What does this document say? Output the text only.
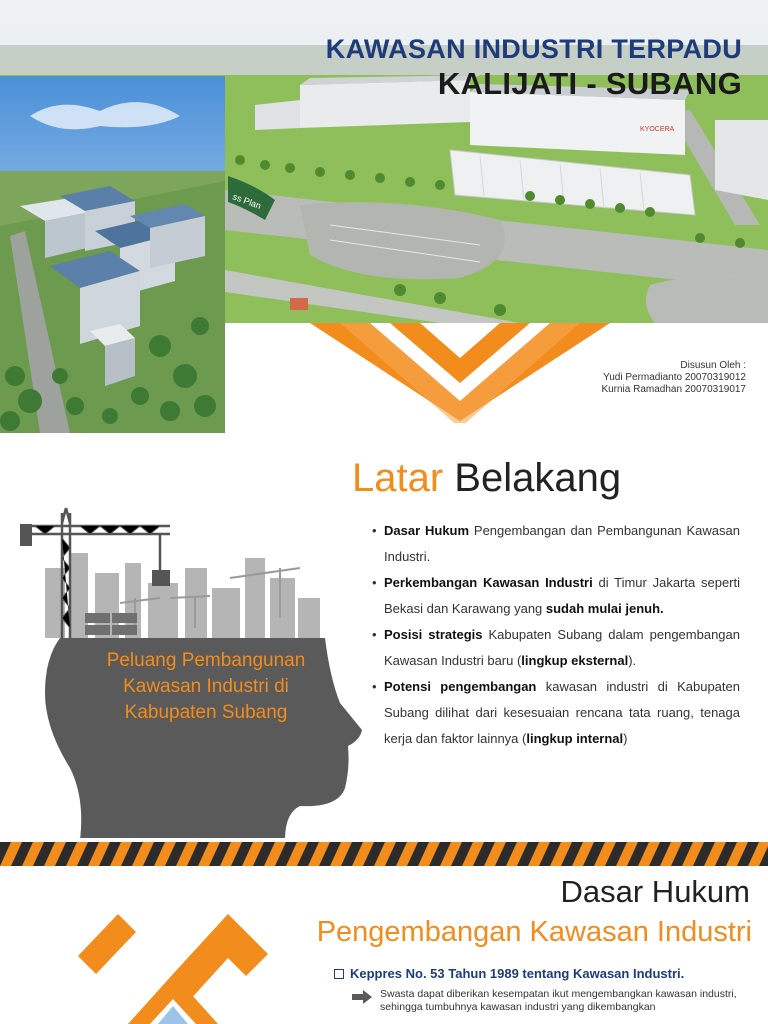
ss Plan
KYOCERA
KAWASAN INDUSTRI TERPADU
KALIJATI - SUBANG
Disusun Oleh :
Yudi Permadianto 20070319012
Kurnia Ramadhan 20070319017
Peluang Pembangunan Kawasan Industri di Kabupaten Subang
Latar Belakang
• Dasar Hukum Pengembangan dan Pembangunan Kawasan Industri.
• Perkembangan Kawasan Industri di Timur Jakarta seperti Bekasi dan Karawang yang sudah mulai jenuh.
• Posisi strategis Kabupaten Subang dalam pengembangan Kawasan Industri baru (lingkup eksternal).
• Potensi pengembangan kawasan industri di Kabupaten Subang dilihat dari kesesuaian rencana tata ruang, tenaga kerja dan faktor lainnya (lingkup internal)
Dasar Hukum
Pengembangan Kawasan Industri
Keppres No. 53 Tahun 1989 tentang Kawasan Industri.
Swasta dapat diberikan kesempatan ikut mengembangkan kawasan industri, sehingga tumbuhnya kawasan industri yang dikembangkan
